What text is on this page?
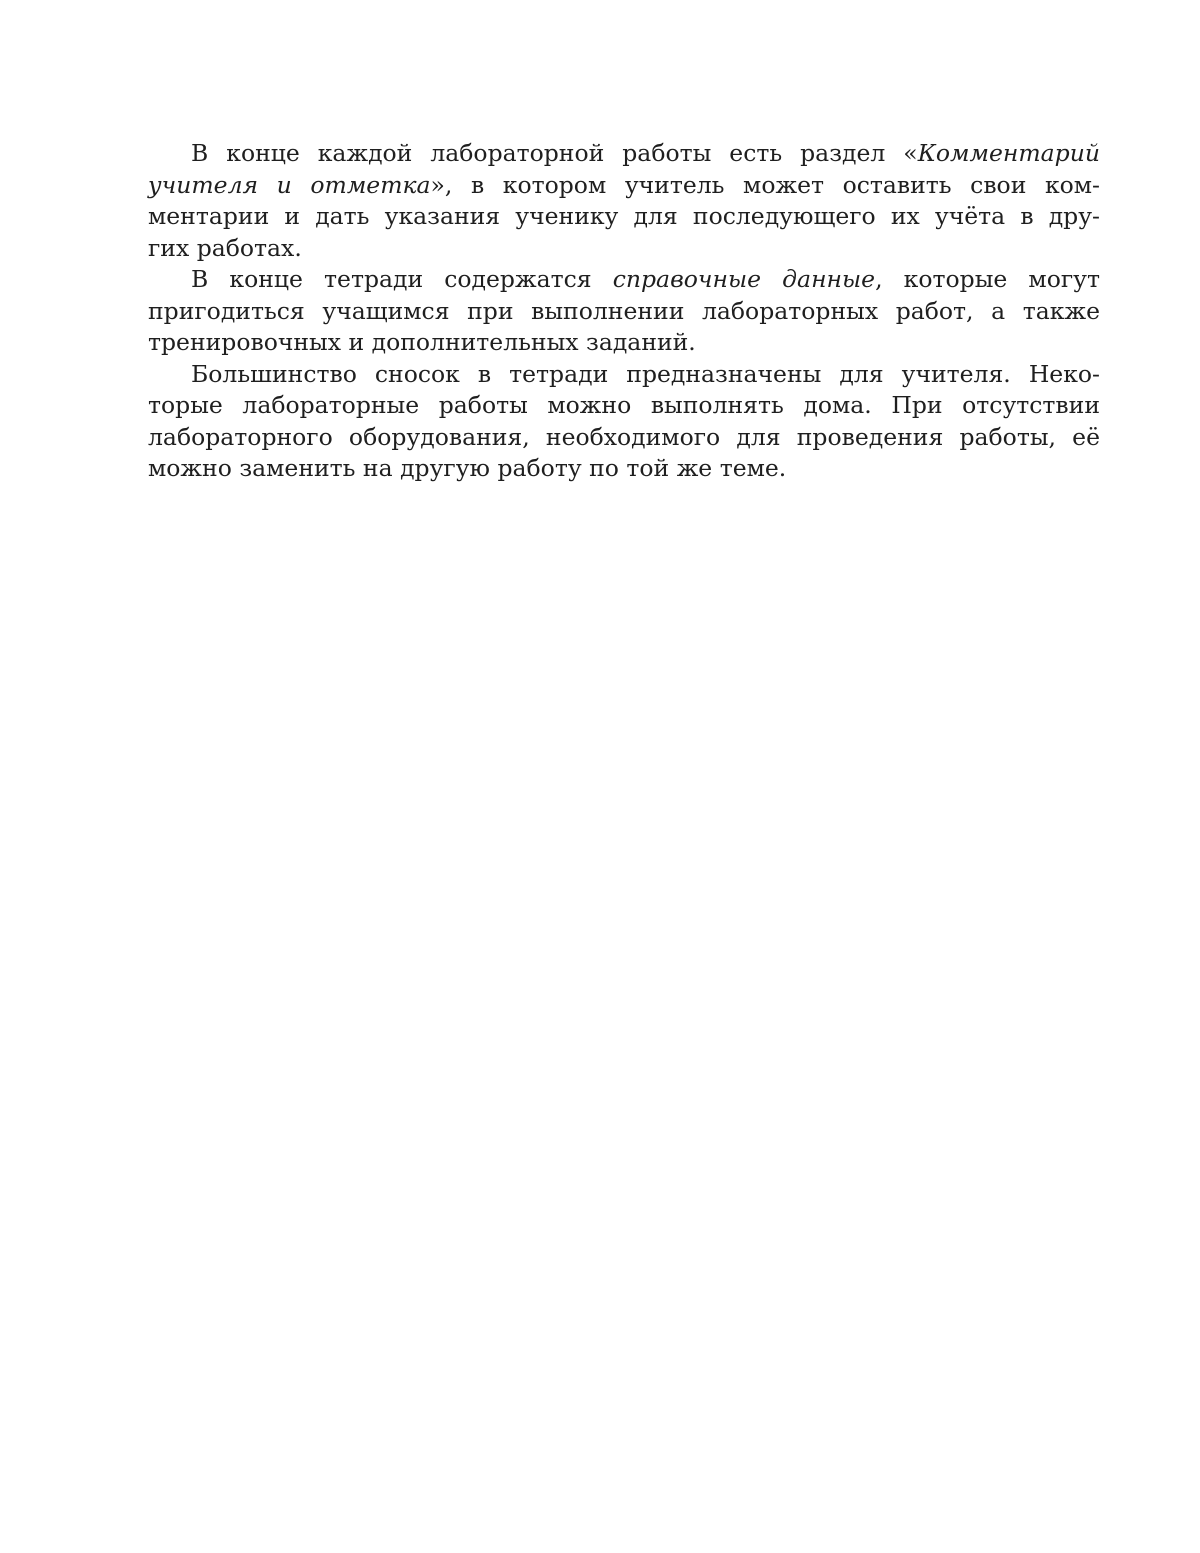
В конце каждой лабораторной работы есть раздел «Комментарий
учителя и отметка», в котором учитель может оставить свои ком-
ментарии и дать указания ученику для последующего их учёта в дру-
гих работах.
В конце тетради содержатся справочные данные, которые могут
пригодиться учащимся при выполнении лабораторных работ, а также
тренировочных и дополнительных заданий.
Большинство сносок в тетради предназначены для учителя. Неко-
торые лабораторные работы можно выполнять дома. При отсутствии
лабораторного оборудования, необходимого для проведения работы, её
можно заменить на другую работу по той же теме.
